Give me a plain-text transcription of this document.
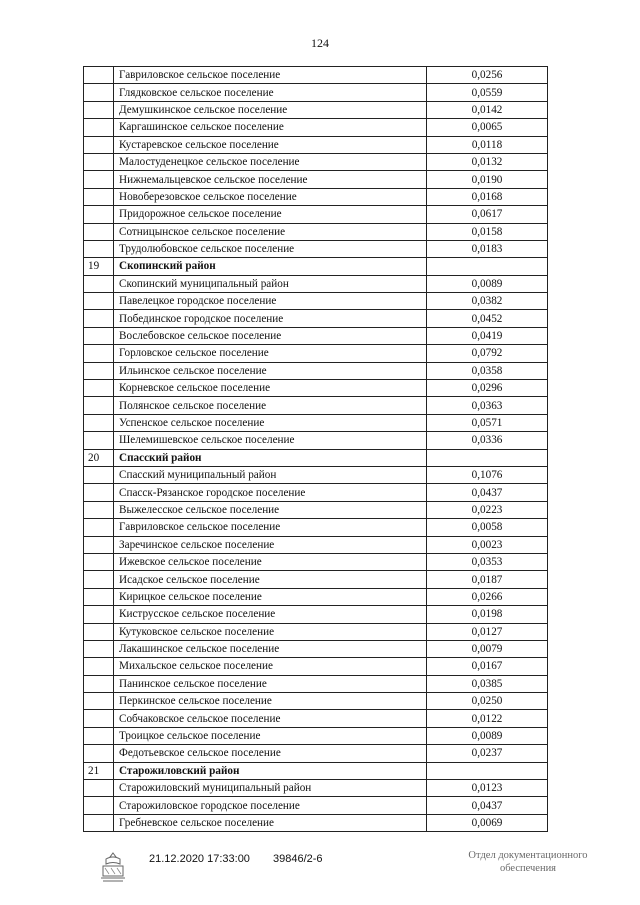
124
	Гавриловское сельское поселение	0,0256
	Глядковское сельское поселение	0,0559
	Демушкинское сельское поселение	0,0142
	Каргашинское сельское поселение	0,0065
	Кустаревское сельское поселение	0,0118
	Малостуденецкое сельское поселение	0,0132
	Нижнемальцевское сельское поселение	0,0190
	Новоберезовское сельское поселение	0,0168
	Придорожное сельское поселение	0,0617
	Сотницынское сельское поселение	0,0158
	Трудолюбовское сельское поселение	0,0183
19	Скопинский район	
	Скопинский муниципальный район	0,0089
	Павелецкое городское поселение	0,0382
	Побединское городское поселение	0,0452
	Вослебовское сельское поселение	0,0419
	Горловское сельское поселение	0,0792
	Ильинское сельское поселение	0,0358
	Корневское сельское поселение	0,0296
	Полянское сельское поселение	0,0363
	Успенское сельское поселение	0,0571
	Шелемишевское сельское поселение	0,0336
20	Спасский район	
	Спасский муниципальный район	0,1076
	Спасск-Рязанское городское поселение	0,0437
	Выжелесское сельское поселение	0,0223
	Гавриловское сельское поселение	0,0058
	Заречинское сельское поселение	0,0023
	Ижевское сельское поселение	0,0353
	Исадское сельское поселение	0,0187
	Кирицкое сельское поселение	0,0266
	Киструсское сельское поселение	0,0198
	Кутуковское сельское поселение	0,0127
	Лакашинское сельское поселение	0,0079
	Михальское сельское поселение	0,0167
	Панинское сельское поселение	0,0385
	Перкинское сельское поселение	0,0250
	Собчаковское сельское поселение	0,0122
	Троицкое сельское поселение	0,0089
	Федотьевское сельское поселение	0,0237
21	Старожиловский район	
	Старожиловский муниципальный район	0,0123
	Старожиловское городское поселение	0,0437
	Гребневское сельское поселение	0,0069
21.12.2020 17:33:00 39846/2-6	Отдел документационного
обеспечения
